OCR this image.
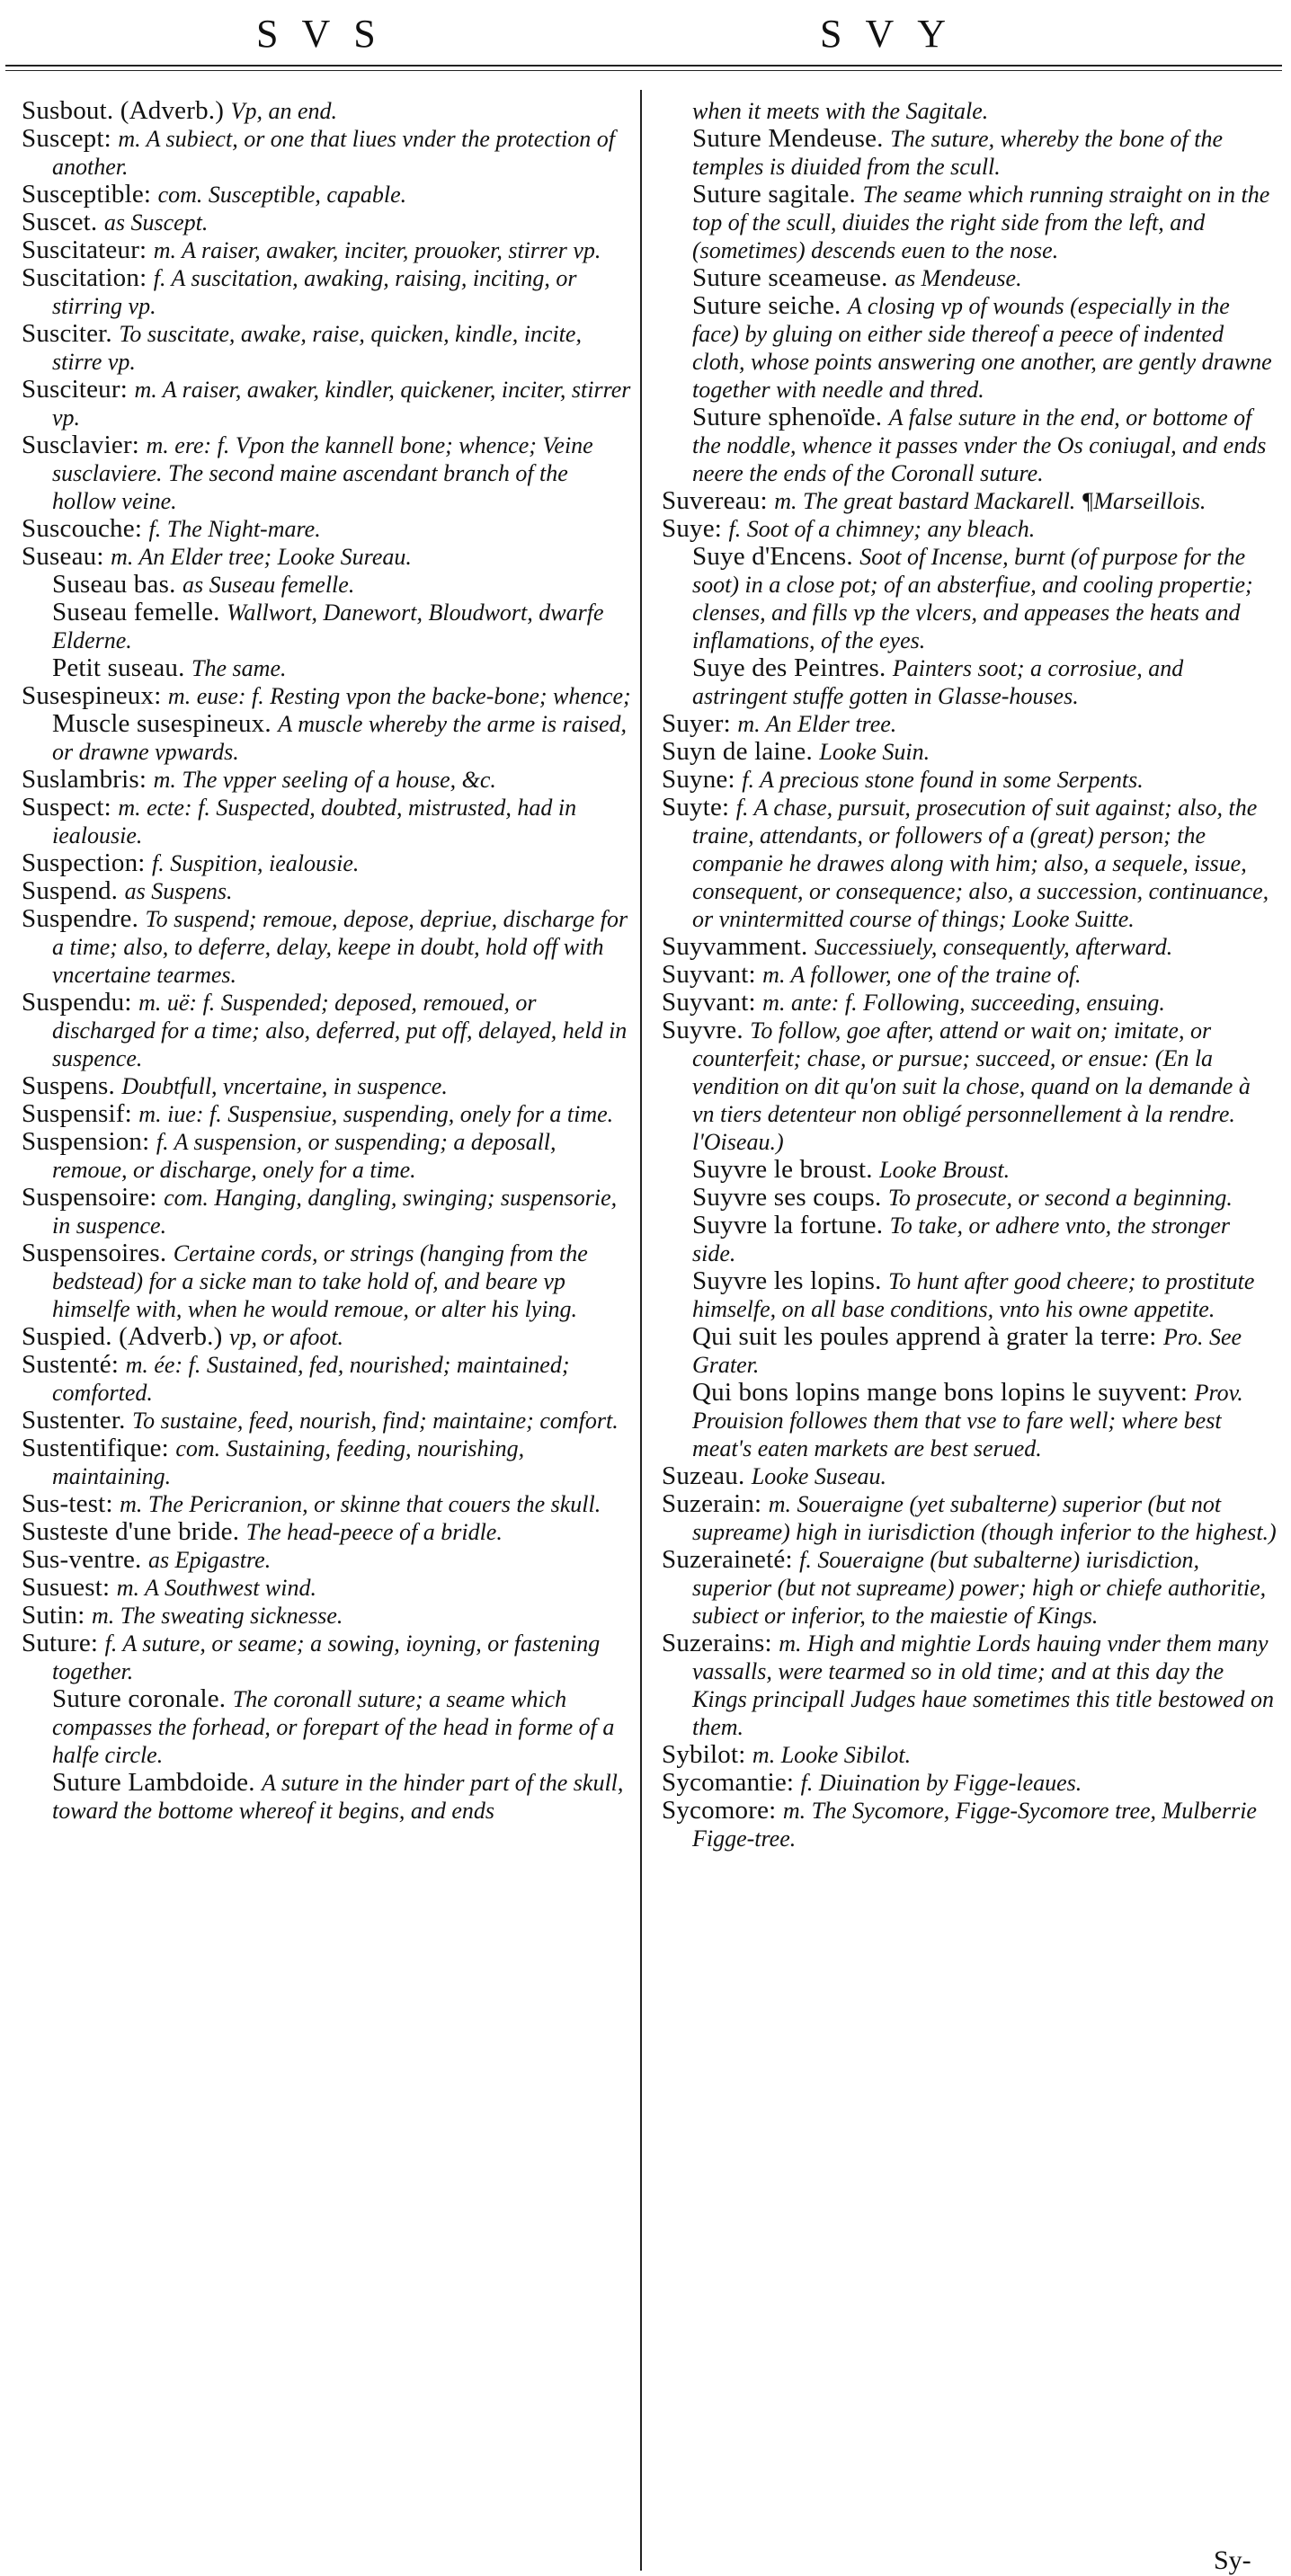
SVS	SVY

Susbout. (Adverb.) Vp, an end.

Suscept: m. A subiect, or one that liues vnder the protection of another.

Susceptible: com. Susceptible, capable.

Suscet. as Suscept.

Suscitateur: m. A raiser, awaker, inciter, prouoker, stirrer vp.

Suscitation: f. A suscitation, awaking, raising, inciting, or stirring vp.

Susciter. To suscitate, awake, raise, quicken, kindle, incite, stirre vp.

Susciteur: m. A raiser, awaker, kindler, quickener, inciter, stirrer vp.

Susclavier: m. ere: f. Vpon the kannell bone; whence; Veine susclaviere. The second maine ascendant branch of the hollow veine.

Suscouche: f. The Night-mare.

Suseau: m. An Elder tree; Looke Sureau.

Suseau bas. as Suseau femelle.

Suseau femelle. Wallwort, Danewort, Bloudwort, dwarfe Elderne.

Petit suseau. The same.

Susespineux: m. euse: f. Resting vpon the backe-bone; whence;

Muscle susespineux. A muscle whereby the arme is raised, or drawne vpwards.

Suslambris: m. The vpper seeling of a house, &c.

Suspect: m. ecte: f. Suspected, doubted, mistrusted, had in iealousie.

Suspection: f. Suspition, iealousie.

Suspend. as Suspens.

Suspendre. To suspend; remoue, depose, depriue, discharge for a time; also, to deferre, delay, keepe in doubt, hold off with vncertaine tearmes.

Suspendu: m. uë: f. Suspended; deposed, remoued, or discharged for a time; also, deferred, put off, delayed, held in suspence.

Suspens. Doubtfull, vncertaine, in suspence.

Suspensif: m. iue: f. Suspensiue, suspending, onely for a time.

Suspension: f. A suspension, or suspending; a deposall, remoue, or discharge, onely for a time.

Suspensoire: com. Hanging, dangling, swinging; suspensorie, in suspence.

Suspensoires. Certaine cords, or strings (hanging from the bedstead) for a sicke man to take hold of, and beare vp himselfe with, when he would remoue, or alter his lying.

Suspied. (Adverb.) vp, or afoot.

Sustenté: m. ée: f. Sustained, fed, nourished; maintained; comforted.

Sustenter. To sustaine, feed, nourish, find; maintaine; comfort.

Sustentifique: com. Sustaining, feeding, nourishing, maintaining.

Sus-test: m. The Pericranion, or skinne that couers the skull.

Susteste d'une bride. The head-peece of a bridle.

Sus-ventre. as Epigastre.

Susuest: m. A Southwest wind.

Sutin: m. The sweating sicknesse.

Suture: f. A suture, or seame; a sowing, ioyning, or fastening together.

Suture coronale. The coronall suture; a seame which compasses the forhead, or forepart of the head in forme of a halfe circle.

Suture Lambdoide. A suture in the hinder part of the skull, toward the bottome whereof it begins, and ends

when it meets with the Sagitale.

Suture Mendeuse. The suture, whereby the bone of the temples is diuided from the scull.

Suture sagitale. The seame which running straight on in the top of the scull, diuides the right side from the left, and (sometimes) descends euen to the nose.

Suture sceameuse. as Mendeuse.

Suture seiche. A closing vp of wounds (especially in the face) by gluing on either side thereof a peece of indented cloth, whose points answering one another, are gently drawne together with needle and thred.

Suture sphenoïde. A false suture in the end, or bottome of the noddle, whence it passes vnder the Os coniugal, and ends neere the ends of the Coronall suture.

Suvereau: m. The great bastard Mackarell. ¶Marseillois.

Suye: f. Soot of a chimney; any bleach.

Suye d'Encens. Soot of Incense, burnt (of purpose for the soot) in a close pot; of an absterfiue, and cooling propertie; clenses, and fills vp the vlcers, and appeases the heats and inflamations, of the eyes.

Suye des Peintres. Painters soot; a corrosiue, and astringent stuffe gotten in Glasse-houses.

Suyer: m. An Elder tree.

Suyn de laine. Looke Suin.

Suyne: f. A precious stone found in some Serpents.

Suyte: f. A chase, pursuit, prosecution of suit against; also, the traine, attendants, or followers of a (great) person; the companie he drawes along with him; also, a sequele, issue, consequent, or consequence; also, a succession, continuance, or vnintermitted course of things; Looke Suitte.

Suyvamment. Successiuely, consequently, afterward.

Suyvant: m. A follower, one of the traine of.

Suyvant: m. ante: f. Following, succeeding, ensuing.

Suyvre. To follow, goe after, attend or wait on; imitate, or counterfeit; chase, or pursue; succeed, or ensue: (En la vendition on dit qu'on suit la chose, quand on la demande à vn tiers detenteur non obligé personnellement à la rendre. l'Oiseau.)

Suyvre le broust. Looke Broust.

Suyvre ses coups. To prosecute, or second a beginning.

Suyvre la fortune. To take, or adhere vnto, the stronger side.

Suyvre les lopins. To hunt after good cheere; to prostitute himselfe, on all base conditions, vnto his owne appetite.

Qui suit les poules apprend à grater la terre: Pro. See Grater.

Qui bons lopins mange bons lopins le suyvent: Prov. Prouision followes them that vse to fare well; where best meat's eaten markets are best serued.

Suzeau. Looke Suseau.

Suzerain: m. Soueraigne (yet subalterne) superior (but not supreame) high in iurisdiction (though inferior to the highest.)

Suzeraineté: f. Soueraigne (but subalterne) iurisdiction, superior (but not supreame) power; high or chiefe authoritie, subiect or inferior, to the maiestie of Kings.

Suzerains: m. High and mightie Lords hauing vnder them many vassalls, were tearmed so in old time; and at this day the Kings principall Judges haue sometimes this title bestowed on them.

Sybilot: m. Looke Sibilot.

Sycomantie: f. Diuination by Figge-leaues.

Sycomore: m. The Sycomore, Figge-Sycomore tree, Mulberrie Figge-tree.

Sy-
